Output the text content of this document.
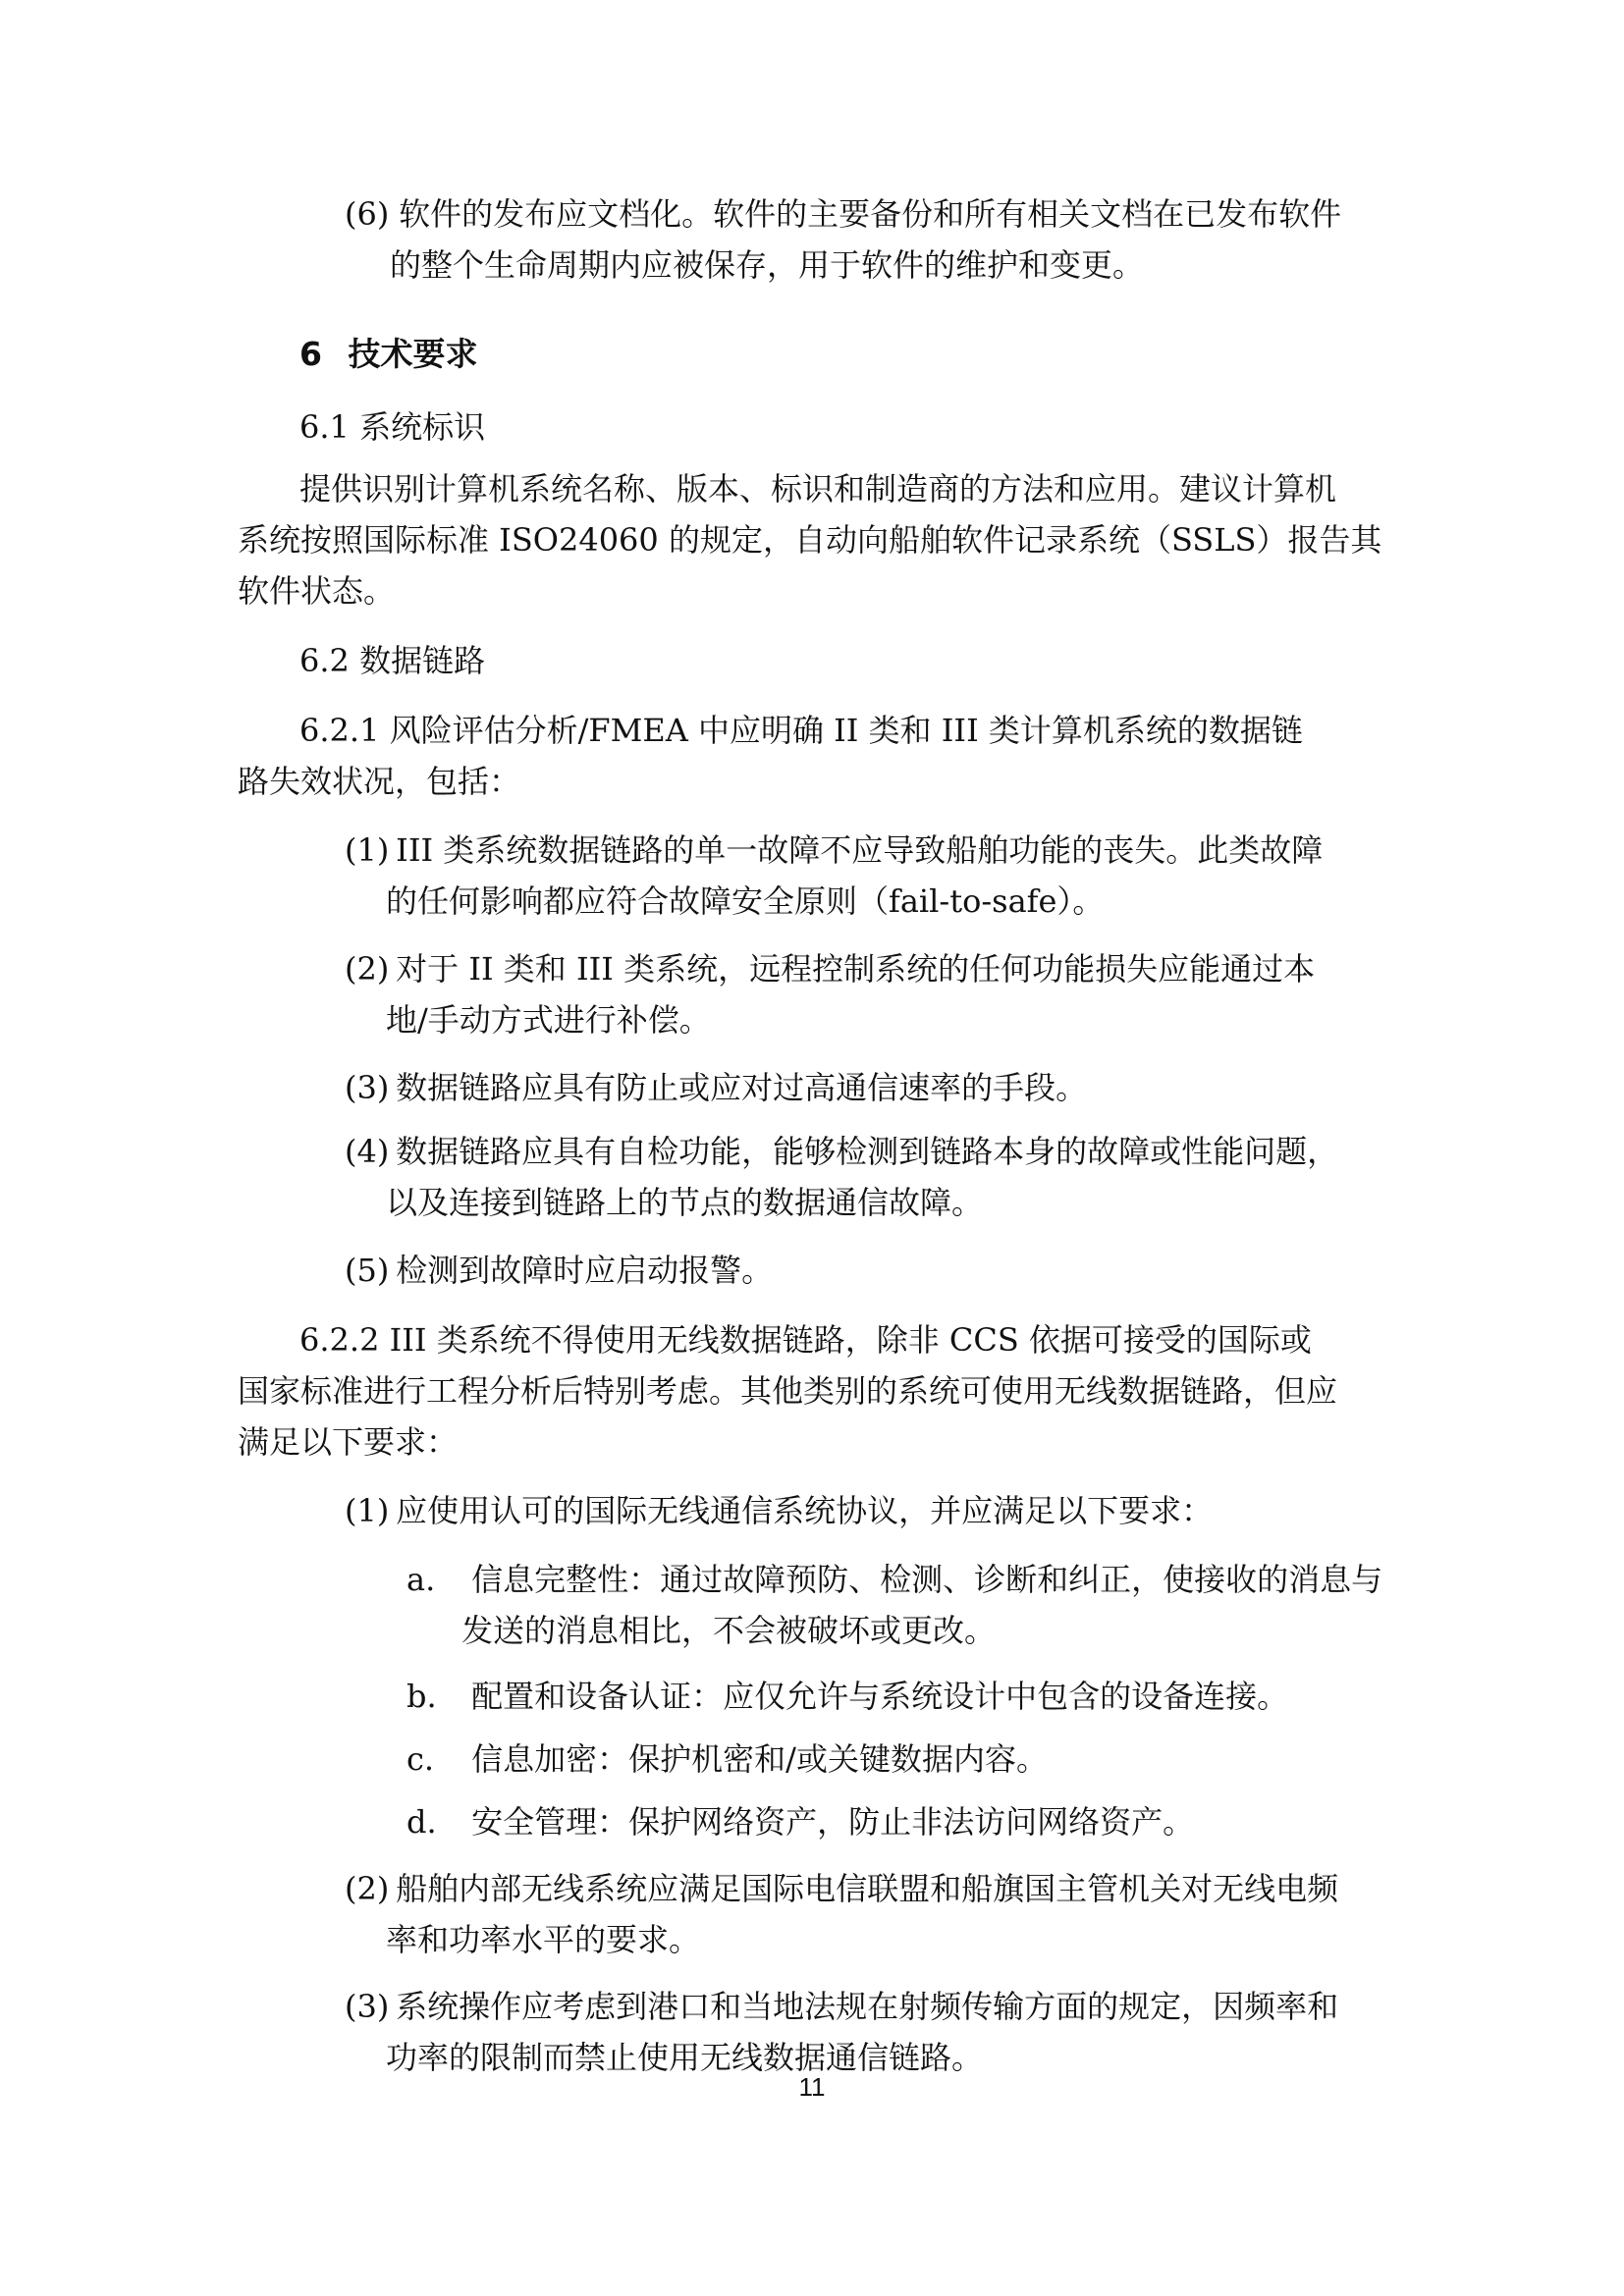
(6) 软件的发布应文档化。软件的主要备份和所有相关文档在已发布软件
的整个生命周期内应被保存，用于软件的维护和变更。
6 技术要求
6.1 系统标识
提供识别计算机系统名称、版本、标识和制造商的方法和应用。建议计算机
系统按照国际标准 ISO24060 的规定，自动向船舶软件记录系统（SSLS）报告其
软件状态。
6.2 数据链路
6.2.1 风险评估分析/FMEA 中应明确 II 类和 III 类计算机系统的数据链
路失效状况，包括：
(1) III 类系统数据链路的单一故障不应导致船舶功能的丧失。此类故障
的任何影响都应符合故障安全原则（fail-to-safe）。
(2) 对于 II 类和 III 类系统，远程控制系统的任何功能损失应能通过本
地/手动方式进行补偿。
(3) 数据链路应具有防止或应对过高通信速率的手段。
(4) 数据链路应具有自检功能，能够检测到链路本身的故障或性能问题，
以及连接到链路上的节点的数据通信故障。
(5) 检测到故障时应启动报警。
6.2.2 III 类系统不得使用无线数据链路，除非 CCS 依据可接受的国际或
国家标准进行工程分析后特别考虑。其他类别的系统可使用无线数据链路，但应
满足以下要求：
(1) 应使用认可的国际无线通信系统协议，并应满足以下要求：
a. 信息完整性：通过故障预防、检测、诊断和纠正，使接收的消息与
发送的消息相比，不会被破坏或更改。
b. 配置和设备认证：应仅允许与系统设计中包含的设备连接。
c. 信息加密：保护机密和/或关键数据内容。
d. 安全管理：保护网络资产，防止非法访问网络资产。
(2) 船舶内部无线系统应满足国际电信联盟和船旗国主管机关对无线电频
率和功率水平的要求。
(3) 系统操作应考虑到港口和当地法规在射频传输方面的规定，因频率和
功率的限制而禁止使用无线数据通信链路。
11
